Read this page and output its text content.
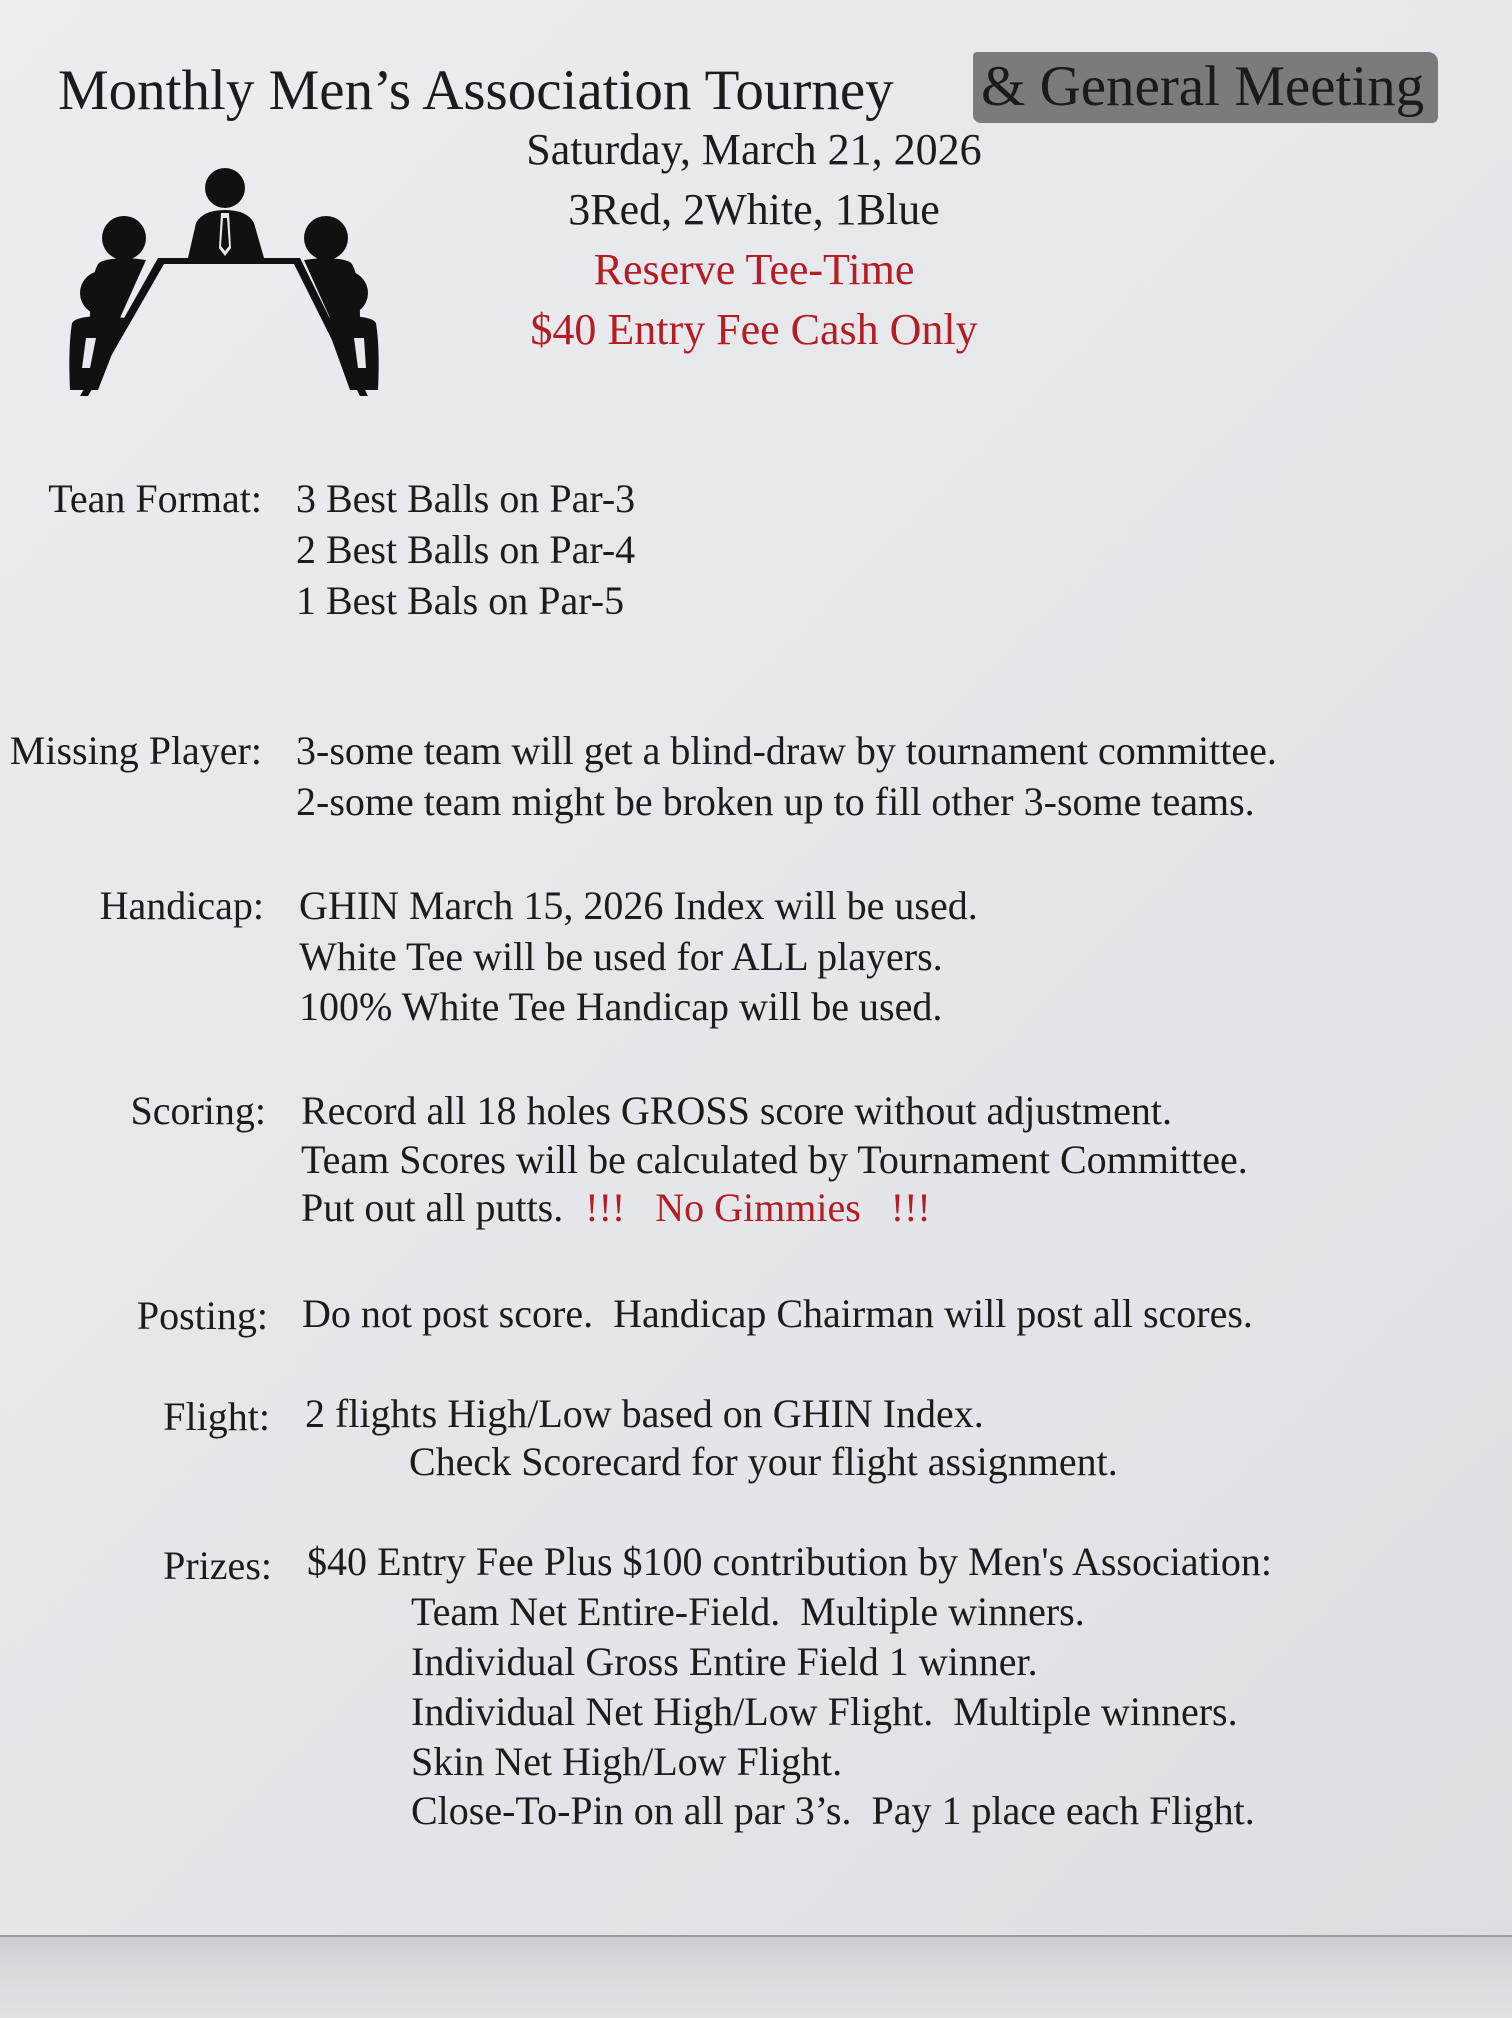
Monthly Men’s Association Tourney & General Meeting
Saturday, March 21, 2026
3Red, 2White, 1Blue
Reserve Tee-Time
$40 Entry Fee Cash Only
Tean Format: 3 Best Balls on Par-3
2 Best Balls on Par-4
1 Best Bals on Par-5
Missing Player: 3-some team will get a blind-draw by tournament committee.
2-some team might be broken up to fill other 3-some teams.
Handicap: GHIN March 15, 2026 Index will be used.
White Tee will be used for ALL players.
100% White Tee Handicap will be used.
Scoring: Record all 18 holes GROSS score without adjustment.
Team Scores will be calculated by Tournament Committee.
Put out all putts. !!!   No Gimmies   !!!
Posting: Do not post score.  Handicap Chairman will post all scores.
Flight: 2 flights High/Low based on GHIN Index.
Check Scorecard for your flight assignment.
Prizes: $40 Entry Fee Plus $100 contribution by Men's Association:
Team Net Entire-Field.  Multiple winners.
Individual Gross Entire Field 1 winner.
Individual Net High/Low Flight.  Multiple winners.
Skin Net High/Low Flight.
Close-To-Pin on all par 3’s.  Pay 1 place each Flight.
